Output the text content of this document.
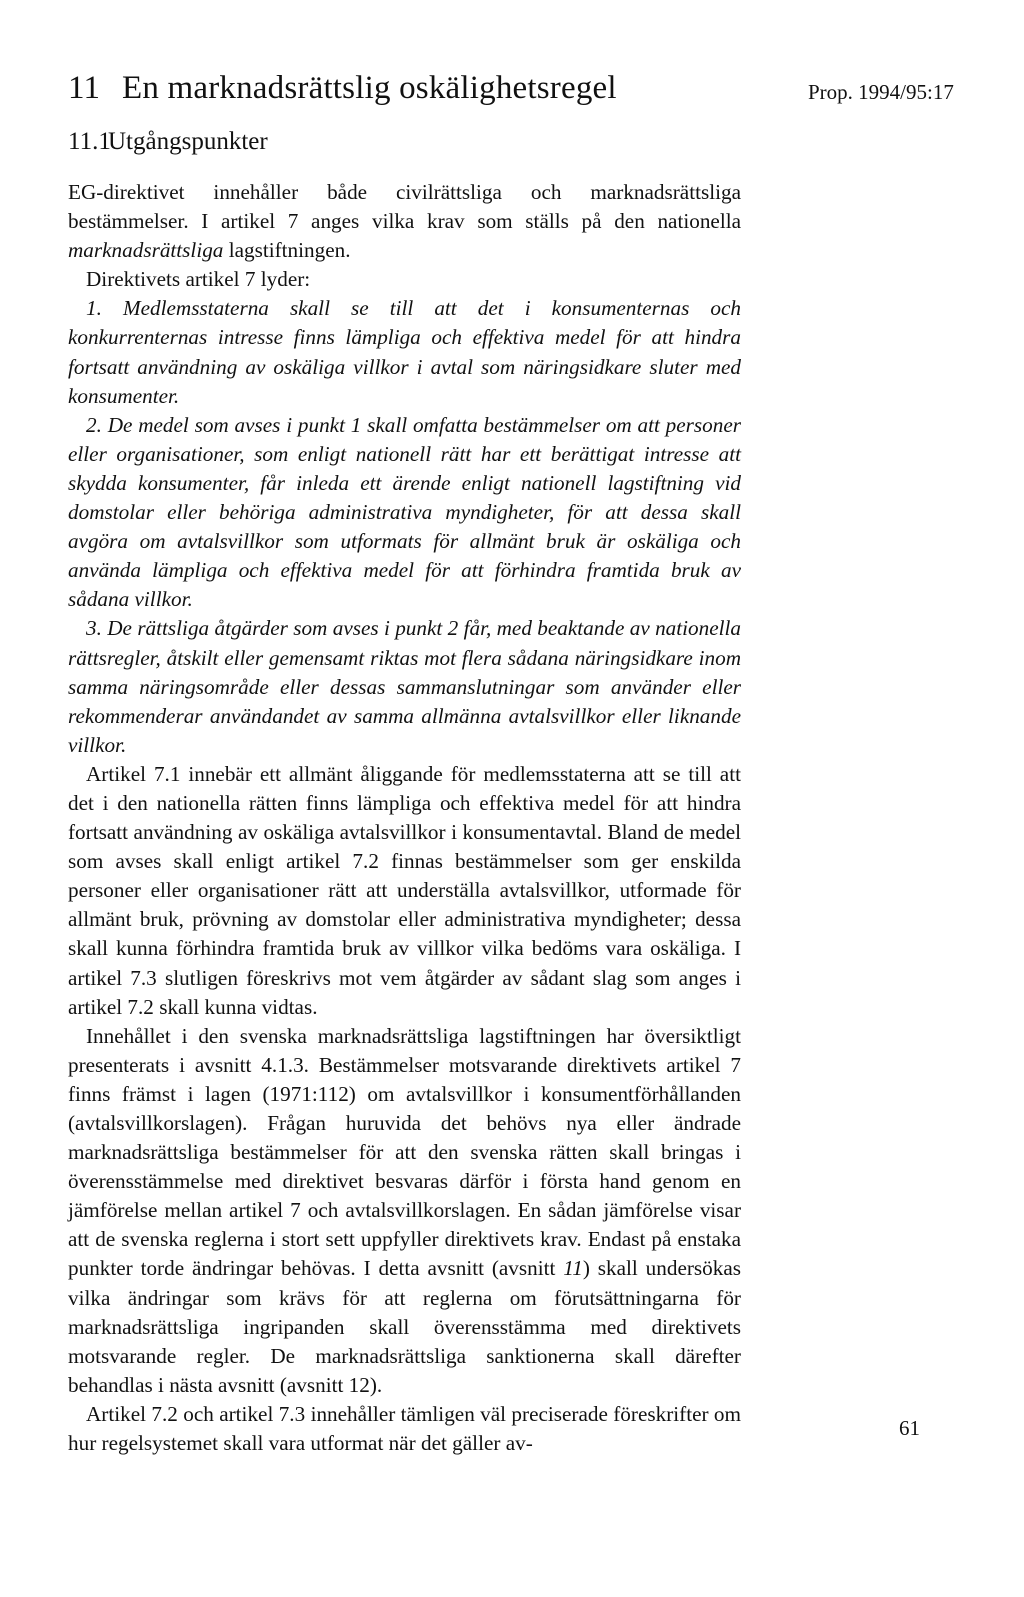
11 En marknadsrättslig oskälighetsregel	Prop. 1994/95:17
11.1Utgångspunkter

EG-direktivet innehåller både civilrättsliga och marknadsrättsliga bestämmelser. I artikel 7 anges vilka krav som ställs på den nationella marknadsrättsliga lagstiftningen.

Direktivets artikel 7 lyder:

1. Medlemsstaterna skall se till att det i konsumenternas och konkurrenternas intresse finns lämpliga och effektiva medel för att hindra fortsatt användning av oskäliga villkor i avtal som näringsidkare sluter med konsumenter.

2. De medel som avses i punkt 1 skall omfatta bestämmelser om att personer eller organisationer, som enligt nationell rätt har ett berättigat intresse att skydda konsumenter, får inleda ett ärende enligt nationell lagstiftning vid domstolar eller behöriga administrativa myndigheter, för att dessa skall avgöra om avtalsvillkor som utformats för allmänt bruk är oskäliga och använda lämpliga och effektiva medel för att förhindra framtida bruk av sådana villkor.

3. De rättsliga åtgärder som avses i punkt 2 får, med beaktande av nationella rättsregler, åtskilt eller gemensamt riktas mot flera sådana näringsidkare inom samma näringsområde eller dessas sammanslutningar som använder eller rekommenderar användandet av samma allmänna avtalsvillkor eller liknande villkor.

Artikel 7.1 innebär ett allmänt åliggande för medlemsstaterna att se till att det i den nationella rätten finns lämpliga och effektiva medel för att hindra fortsatt användning av oskäliga avtalsvillkor i konsumentavtal. Bland de medel som avses skall enligt artikel 7.2 finnas bestämmelser som ger enskilda personer eller organisationer rätt att underställa avtalsvillkor, utformade för allmänt bruk, prövning av domstolar eller administrativa myndigheter; dessa skall kunna förhindra framtida bruk av villkor vilka bedöms vara oskäliga. I artikel 7.3 slutligen föreskrivs mot vem åtgärder av sådant slag som anges i artikel 7.2 skall kunna vidtas.

Innehållet i den svenska marknadsrättsliga lagstiftningen har översiktligt presenterats i avsnitt 4.1.3. Bestämmelser motsvarande direktivets artikel 7 finns främst i lagen (1971:112) om avtalsvillkor i konsumentförhållanden (avtalsvillkorslagen). Frågan huruvida det behövs nya eller ändrade marknadsrättsliga bestämmelser för att den svenska rätten skall bringas i överensstämmelse med direktivet besvaras därför i första hand genom en jämförelse mellan artikel 7 och avtalsvillkorslagen. En sådan jämförelse visar att de svenska reglerna i stort sett uppfyller direktivets krav. Endast på enstaka punkter torde ändringar behövas. I detta avsnitt (avsnitt 11) skall undersökas vilka ändringar som krävs för att reglerna om förutsättningarna för marknadsrättsliga ingripanden skall överensstämma med direktivets motsvarande regler. De marknadsrättsliga sanktionerna skall därefter behandlas i nästa avsnitt (avsnitt 12).

Artikel 7.2 och artikel 7.3 innehåller tämligen väl preciserade föreskrifter om hur regelsystemet skall vara utformat när det gäller av-

61
